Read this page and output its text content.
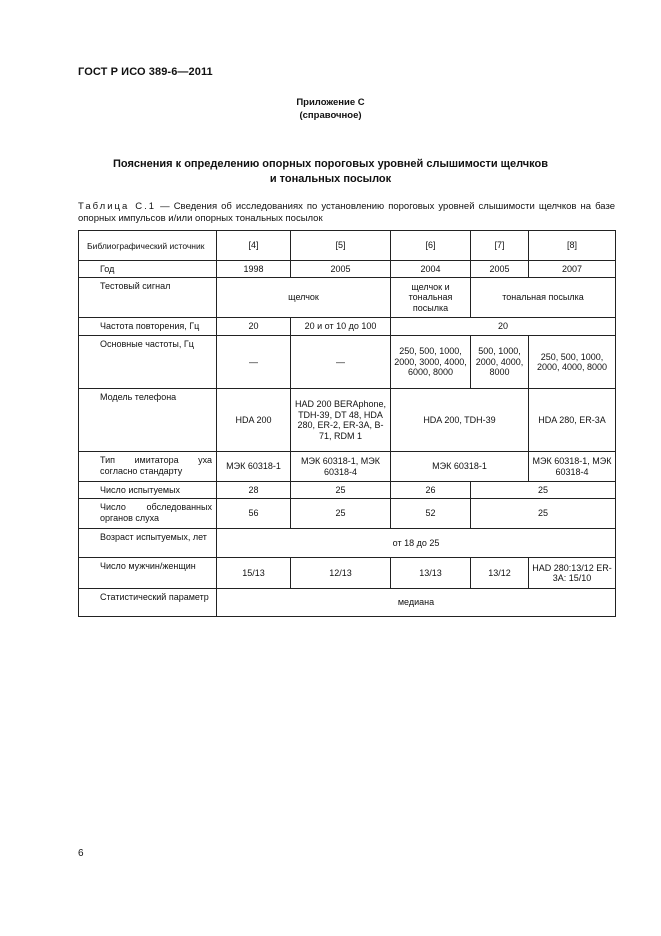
ГОСТ Р ИСО 389-6—2011
Приложение С
(справочное)
Пояснения к определению опорных пороговых уровней слышимости щелчков
и тональных посылок
Таблица С.1 — Сведения об исследованиях по установлению пороговых уровней слышимости щелчков на базе опорных импульсов и/или опорных тональных посылок
Библиографический источник	[4]	[5]	[6]	[7]	[8]
Год	1998	2005	2004	2005	2007
Тестовый сигнал	щелчок		щелчок и тональная посылка	тональная посылка	
Частота повторения, Гц	20	20 и от 10 до 100	20		
Основные частоты, Гц	—	—	250, 500, 1000, 2000, 3000, 4000, 6000, 8000	500, 1000, 2000, 4000, 8000	250, 500, 1000, 2000, 4000, 8000
Модель телефона	HDA 200	HAD 200 BERAphone, TDH-39, DT 48, HDA 280, ER-2, ER-3A, B-71, RDM 1	HDA 200, TDH-39		HDA 280, ER-3A
Тип имитатора уха согласно стандарту	МЭК 60318-1	МЭК 60318-1, МЭК 60318-4	МЭК 60318-1		МЭК 60318-1, МЭК 60318-4
Число испытуемых	28	25	26	25	
Число обследованных органов слуха	56	25	52	25	
Возраст испытуемых, лет	от 18 до 25				
Число мужчин/женщин	15/13	12/13	13/13	13/12	HAD 280:13/12 ER-3A: 15/10
Статистический параметр	медиана				
6
